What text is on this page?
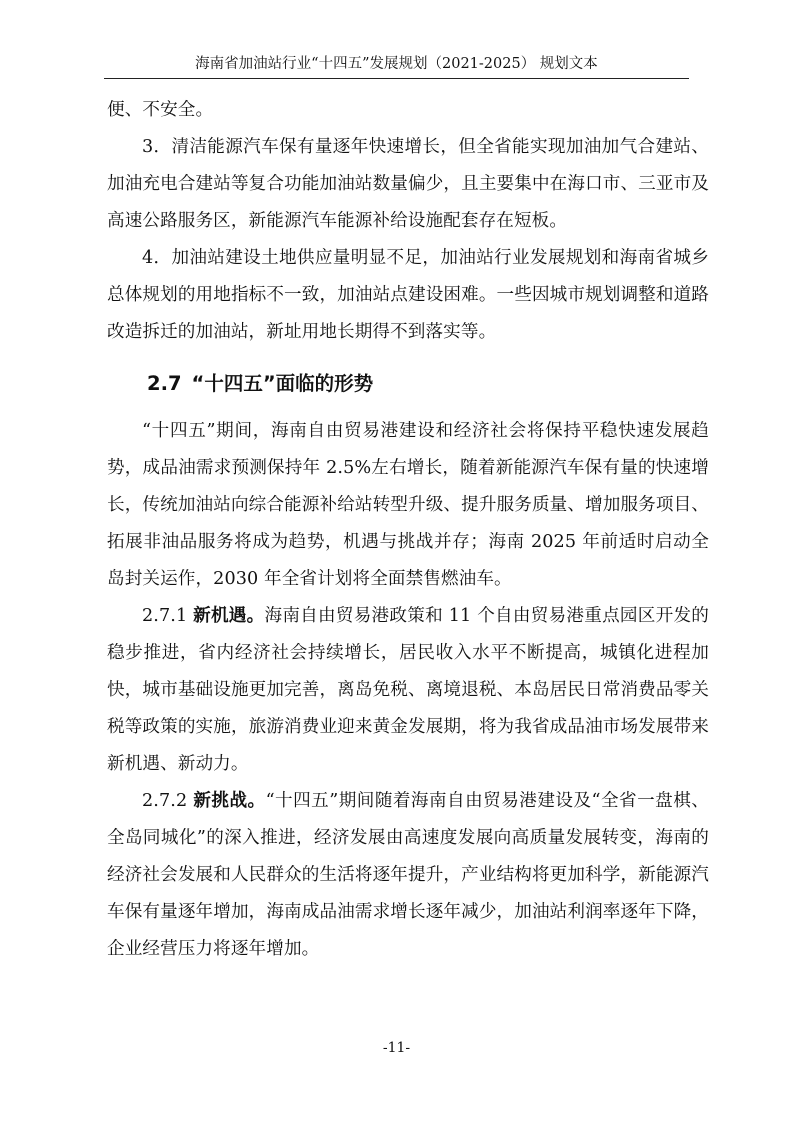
海南省加油站行业“十四五”发展规划（2021-2025） 规划文本

便、不安全。

3．清洁能源汽车保有量逐年快速增长，但全省能实现加油加气合建站、加油充电合建站等复合功能加油站数量偏少，且主要集中在海口市、三亚市及高速公路服务区，新能源汽车能源补给设施配套存在短板。

4．加油站建设土地供应量明显不足，加油站行业发展规划和海南省城乡总体规划的用地指标不一致，加油站点建设困难。一些因城市规划调整和道路改造拆迁的加油站，新址用地长期得不到落实等。

2.7 “十四五”面临的形势

“十四五”期间，海南自由贸易港建设和经济社会将保持平稳快速发展趋势，成品油需求预测保持年 2.5%左右增长，随着新能源汽车保有量的快速增长，传统加油站向综合能源补给站转型升级、提升服务质量、增加服务项目、拓展非油品服务将成为趋势，机遇与挑战并存；海南 2025 年前适时启动全岛封关运作，2030 年全省计划将全面禁售燃油车。

2.7.1 新机遇。海南自由贸易港政策和 11 个自由贸易港重点园区开发的稳步推进，省内经济社会持续增长，居民收入水平不断提高，城镇化进程加快，城市基础设施更加完善，离岛免税、离境退税、本岛居民日常消费品零关税等政策的实施，旅游消费业迎来黄金发展期，将为我省成品油市场发展带来新机遇、新动力。

2.7.2 新挑战。“十四五”期间随着海南自由贸易港建设及“全省一盘棋、全岛同城化”的深入推进，经济发展由高速度发展向高质量发展转变，海南的经济社会发展和人民群众的生活将逐年提升，产业结构将更加科学，新能源汽车保有量逐年增加，海南成品油需求增长逐年减少，加油站利润率逐年下降，企业经营压力将逐年增加。

-11-
